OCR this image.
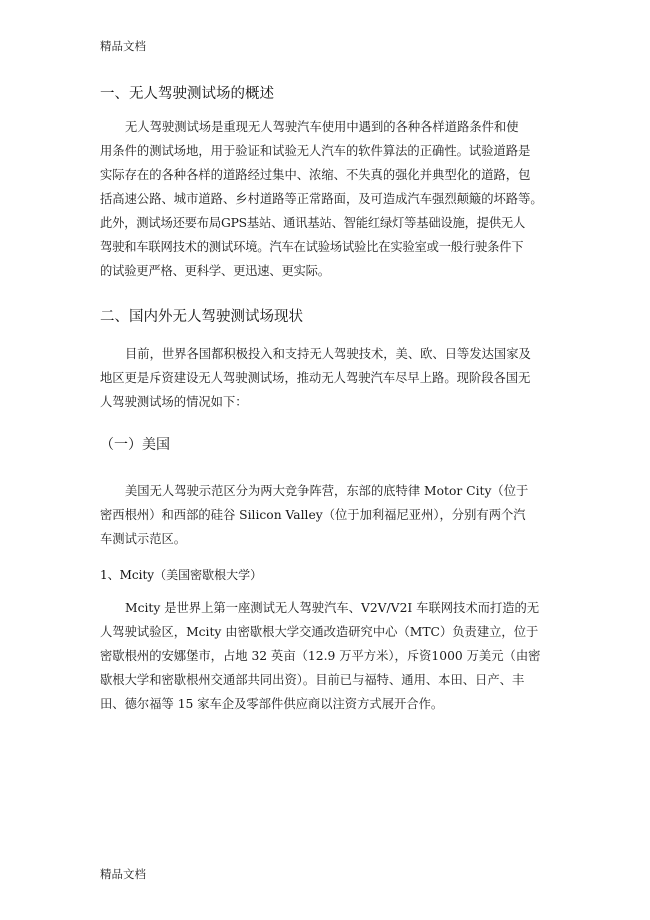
精品文档
一、无人驾驶测试场的概述

无人驾驶测试场是重现无人驾驶汽车使用中遇到的各种各样道路条件和使
用条件的测试场地，用于验证和试验无人汽车的软件算法的正确性。试验道路是
实际存在的各种各样的道路经过集中、浓缩、不失真的强化并典型化的道路，包
括高速公路、城市道路、乡村道路等正常路面，及可造成汽车强烈颠簸的坏路等。

此外，测试场还要布局GPS基站、通讯基站、智能红绿灯等基础设施，提供无人
驾驶和车联网技术的测试环境。汽车在试验场试验比在实验室或一般行驶条件下
的试验更严格、更科学、更迅速、更实际。

二、国内外无人驾驶测试场现状

目前，世界各国都积极投入和支持无人驾驶技术，美、欧、日等发达国家及
地区更是斥资建设无人驾驶测试场，推动无人驾驶汽车尽早上路。现阶段各国无
人驾驶测试场的情况如下：

（一）美国

美国无人驾驶示范区分为两大竞争阵营，东部的底特律 Motor City（位于
密西根州）和西部的硅谷 Silicon Valley（位于加利福尼亚州），分别有两个汽
车测试示范区。

1、Mcity（美国密歇根大学）

Mcity 是世界上第一座测试无人驾驶汽车、V2V/V2I 车联网技术而打造的无
人驾驶试验区，Mcity 由密歇根大学交通改造研究中心（MTC）负责建立，位于
密歇根州的安娜堡市，占地 32 英亩（12.9 万平方米），斥资1000 万美元（由密
歇根大学和密歇根州交通部共同出资）。目前已与福特、通用、本田、日产、丰
田、德尔福等 15 家车企及零部件供应商以注资方式展开合作。

精品文档
